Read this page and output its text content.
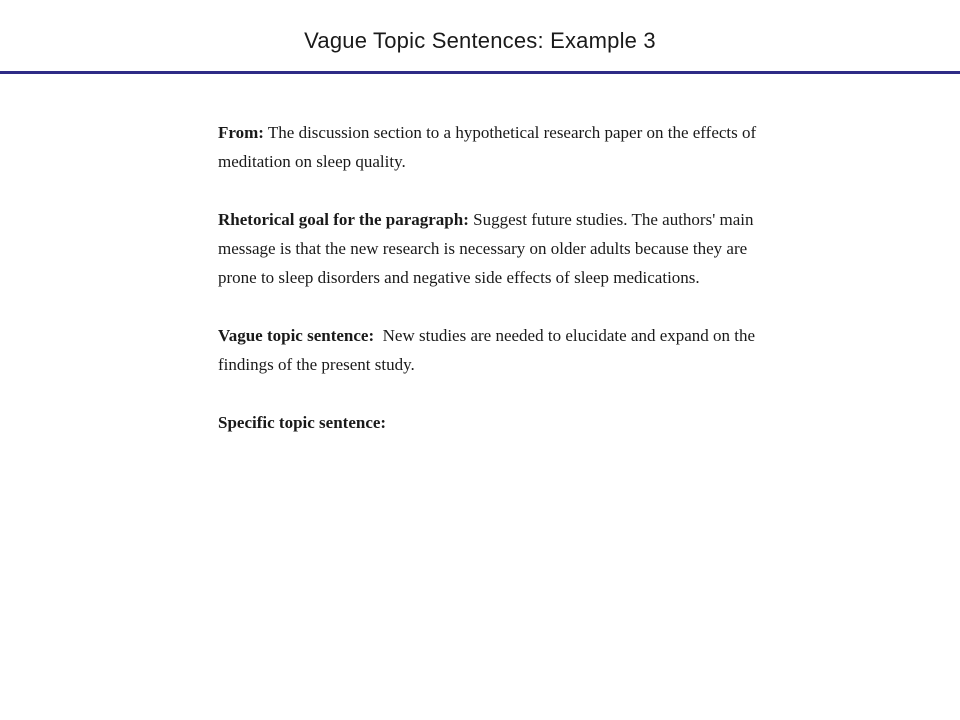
Vague Topic Sentences: Example 3

From: The discussion section to a hypothetical research paper on the effects of meditation on sleep quality.

Rhetorical goal for the paragraph: Suggest future studies. The authors' main message is that the new research is necessary on older adults because they are prone to sleep disorders and negative side effects of sleep medications.

Vague topic sentence:  New studies are needed to elucidate and expand on the findings of the present study.

Specific topic sentence:
